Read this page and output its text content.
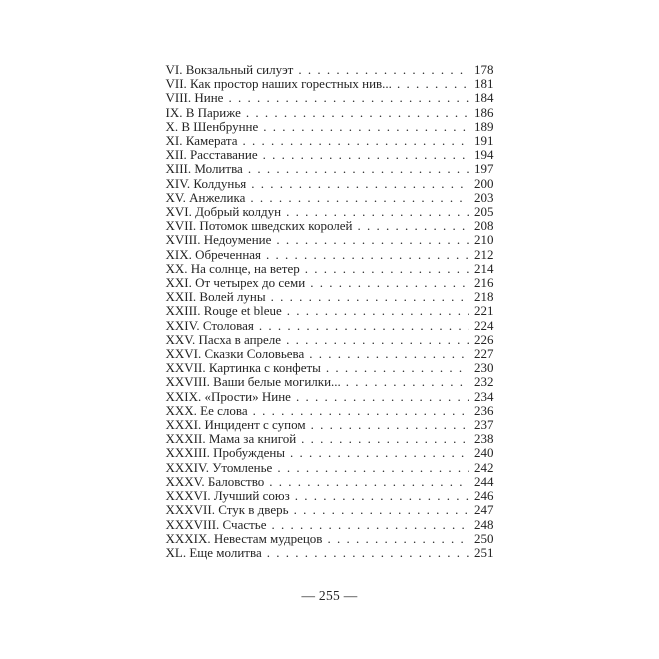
VI. Вокзальный силуэт . . .	178
VII. Как простор наших горестных нив... . . .	181
VIII. Нине . . .	184
IX. В Париже . . .	186
X. В Шенбрунне . . .	189
XI. Камерата . . .	191
XII. Расставание . . .	194
XIII. Молитва . . .	197
XIV. Колдунья . . .	200
XV. Анжелика . . .	203
XVI. Добрый колдун . . .	205
XVII. Потомок шведских королей . . .	208
XVIII. Недоумение . . .	210
XIX. Обреченная . . .	212
XX. На солнце, на ветер . . .	214
XXI. От четырех до семи . . .	216
XXII. Волей луны . . .	218
XXIII. Rouge et bleue . . .	221
XXIV. Столовая . . .	224
XXV. Пасха в апреле . . .	226
XXVI. Сказки Соловьева . . .	227
XXVII. Картинка с конфеты . . .	230
XXVIII. Ваши белые могилки... . . .	232
XXIX. «Прости» Нине . . .	234
XXX. Ее слова . . .	236
XXXI. Инцидент с супом . . .	237
XXXII. Мама за книгой . . .	238
XXXIII. Пробуждены . . .	240
XXXIV. Утомленье . . .	242
XXXV. Баловство . . .	244
XXXVI. Лучший союз . . .	246
XXXVII. Стук в дверь . . .	247
XXXVIII. Счастье . . .	248
XXXIX. Невестам мудрецов . . .	250
XL. Еще молитва . . .	251
— 255 —
